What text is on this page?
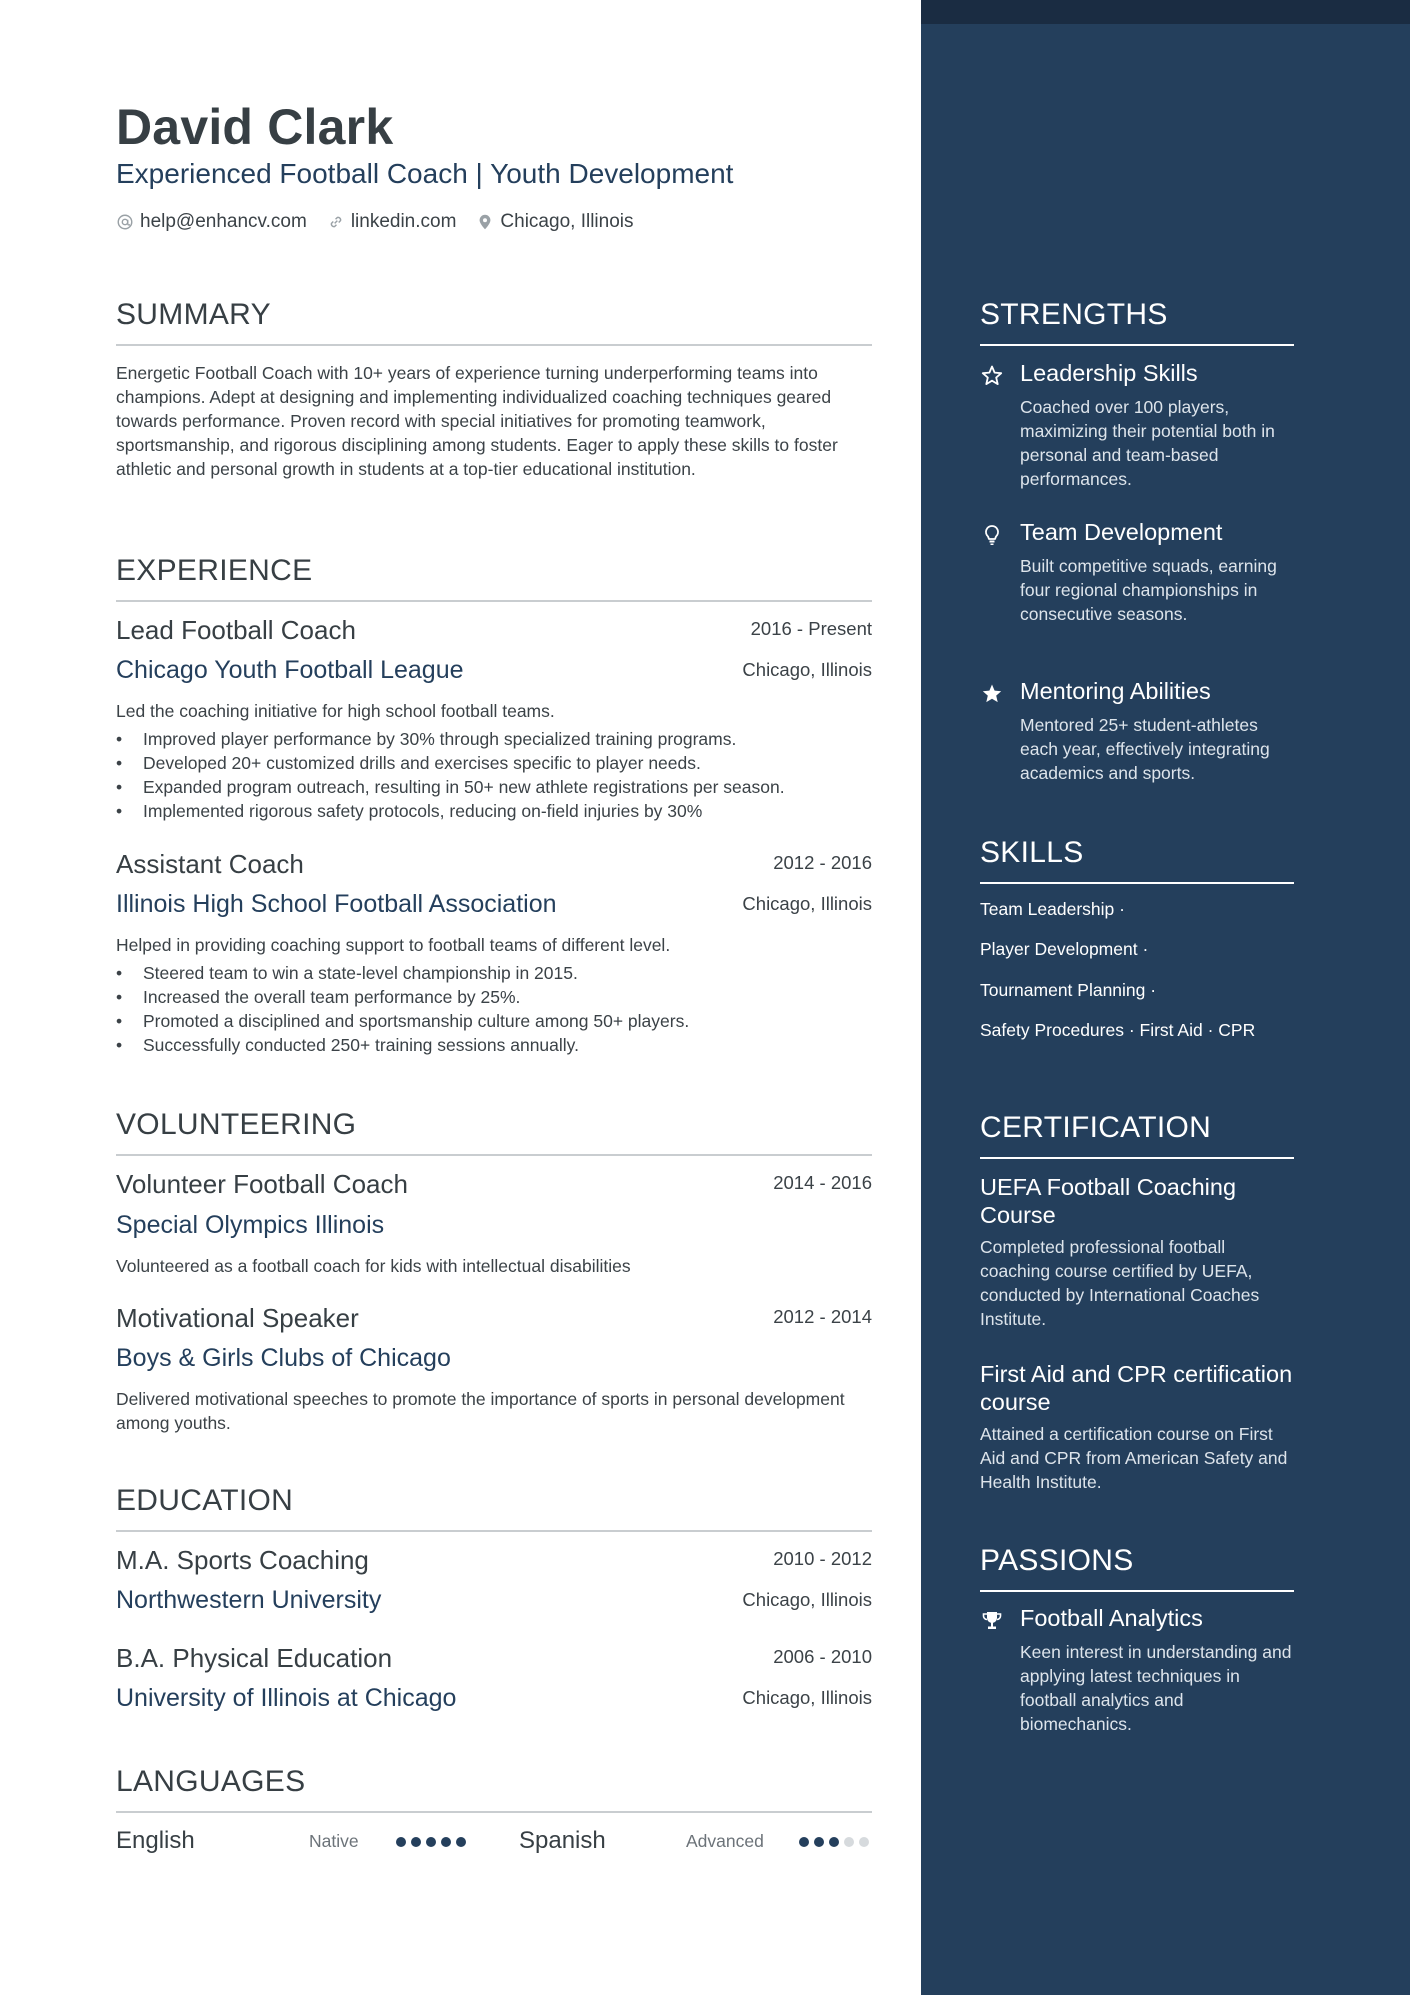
David Clark
Experienced Football Coach | Youth Development
help@enhancv.com linkedin.com Chicago, Illinois
SUMMARY

Energetic Football Coach with 10+ years of experience turning underperforming teams into champions. Adept at designing and implementing individualized coaching techniques geared towards performance. Proven record with special initiatives for promoting teamwork, sportsmanship, and rigorous disciplining among students. Eager to apply these skills to foster athletic and personal growth in students at a top-tier educational institution.

EXPERIENCE
Lead Football Coach	2016 - Present
Chicago Youth Football League	Chicago, Illinois

Led the coaching initiative for high school football teams.

• Improved player performance by 30% through specialized training programs.
• Developed 20+ customized drills and exercises specific to player needs.
• Expanded program outreach, resulting in 50+ new athlete registrations per season.
• Implemented rigorous safety protocols, reducing on-field injuries by 30%
Assistant Coach	2012 - 2016
Illinois High School Football Association	Chicago, Illinois

Helped in providing coaching support to football teams of different level.

• Steered team to win a state-level championship in 2015.
• Increased the overall team performance by 25%.
• Promoted a disciplined and sportsmanship culture among 50+ players.
• Successfully conducted 250+ training sessions annually.
VOLUNTEERING
Volunteer Football Coach	2014 - 2016
Special Olympics Illinois

Volunteered as a football coach for kids with intellectual disabilities

Motivational Speaker	2012 - 2014
Boys & Girls Clubs of Chicago

Delivered motivational speeches to promote the importance of sports in personal development among youths.

EDUCATION
M.A. Sports Coaching	2010 - 2012
Northwestern University	Chicago, Illinois
B.A. Physical Education	2006 - 2010
University of Illinois at Chicago	Chicago, Illinois
LANGUAGES
English	Native	Spanish	Advanced
STRENGTHS
Leadership Skills

Coached over 100 players, maximizing their potential both in personal and team-based performances.

Team Development

Built competitive squads, earning four regional championships in consecutive seasons.

Mentoring Abilities

Mentored 25+ student-athletes each year, effectively integrating academics and sports.

SKILLS
Team Leadership ·
Player Development ·
Tournament Planning ·
Safety Procedures · First Aid · CPR
CERTIFICATION

UEFA Football Coaching Course

Completed professional football coaching course certified by UEFA, conducted by International Coaches Institute.

First Aid and CPR certification course

Attained a certification course on First Aid and CPR from American Safety and Health Institute.

PASSIONS
Football Analytics

Keen interest in understanding and applying latest techniques in football analytics and biomechanics.
